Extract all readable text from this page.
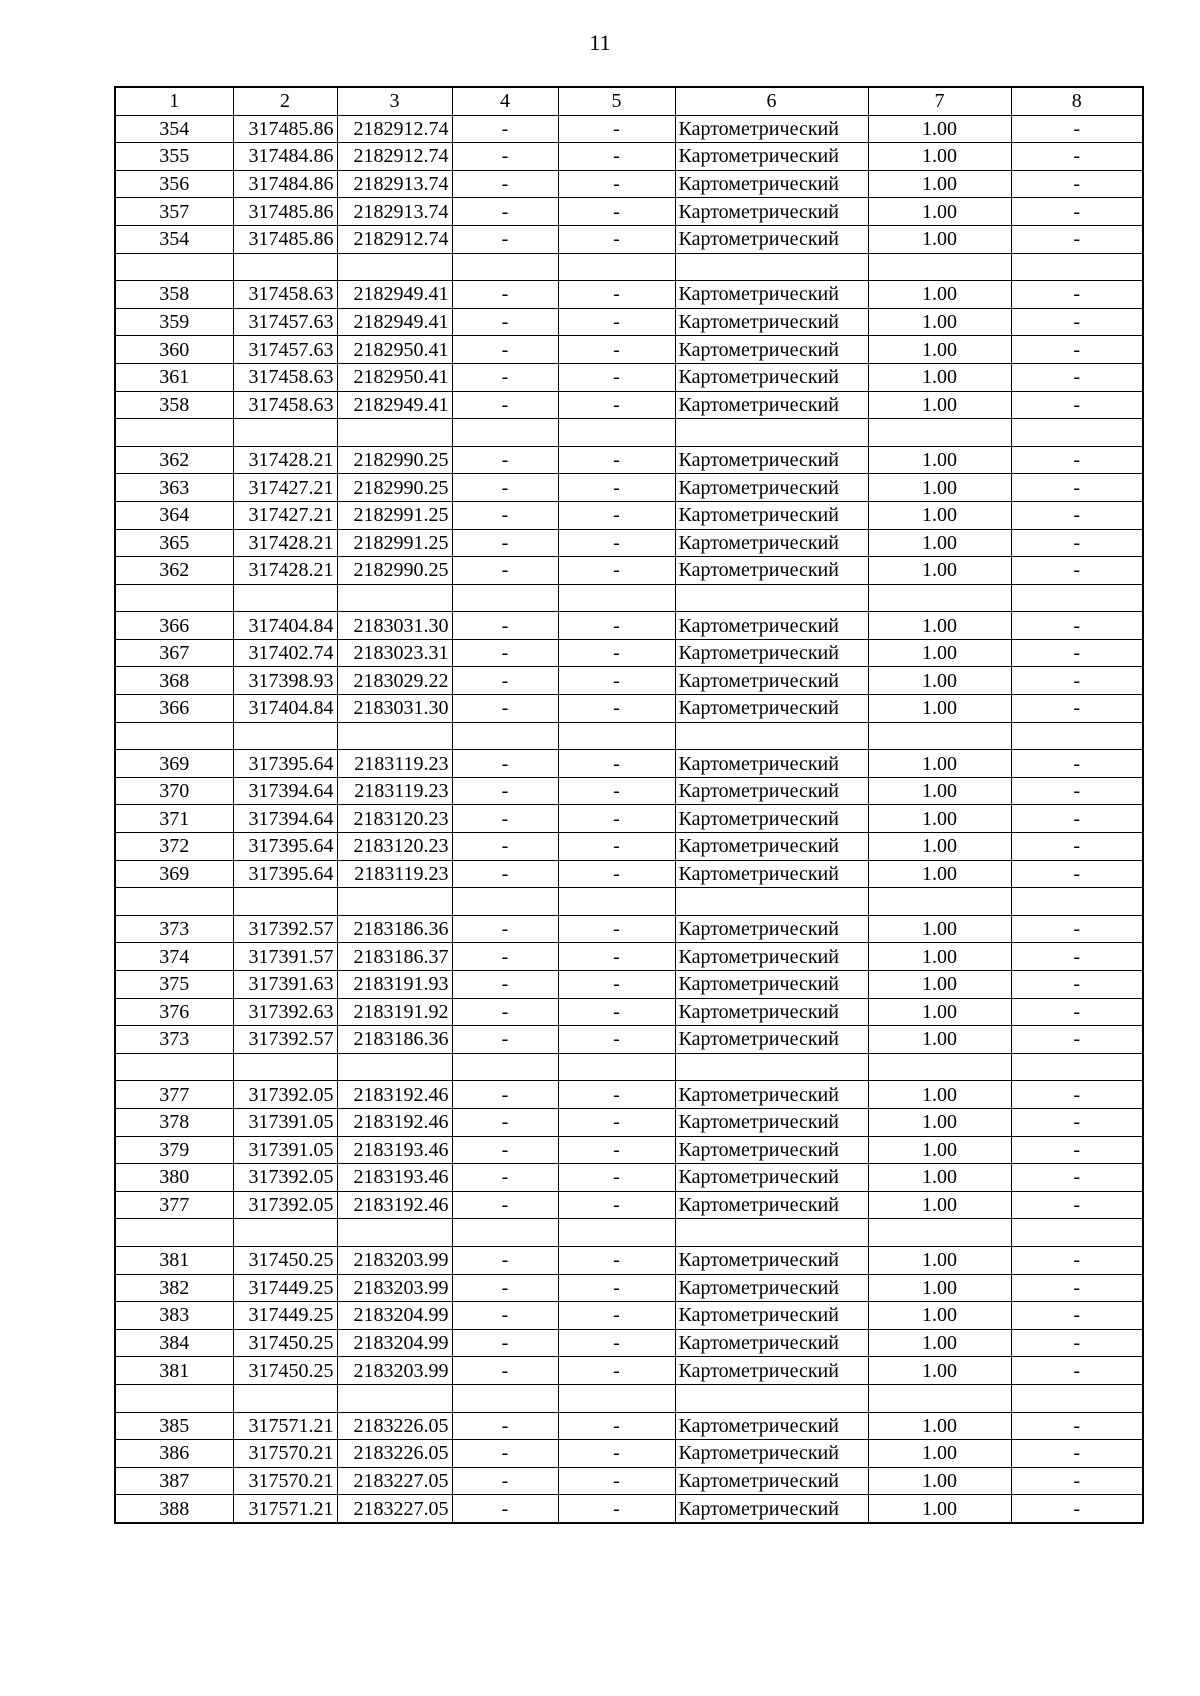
11
1	2	3	4	5	6	7	8
354	317485.86	2182912.74	-	-	Картометрический	1.00	-
355	317484.86	2182912.74	-	-	Картометрический	1.00	-
356	317484.86	2182913.74	-	-	Картометрический	1.00	-
357	317485.86	2182913.74	-	-	Картометрический	1.00	-
354	317485.86	2182912.74	-	-	Картометрический	1.00	-

358	317458.63	2182949.41	-	-	Картометрический	1.00	-
359	317457.63	2182949.41	-	-	Картометрический	1.00	-
360	317457.63	2182950.41	-	-	Картометрический	1.00	-
361	317458.63	2182950.41	-	-	Картометрический	1.00	-
358	317458.63	2182949.41	-	-	Картометрический	1.00	-

362	317428.21	2182990.25	-	-	Картометрический	1.00	-
363	317427.21	2182990.25	-	-	Картометрический	1.00	-
364	317427.21	2182991.25	-	-	Картометрический	1.00	-
365	317428.21	2182991.25	-	-	Картометрический	1.00	-
362	317428.21	2182990.25	-	-	Картометрический	1.00	-

366	317404.84	2183031.30	-	-	Картометрический	1.00	-
367	317402.74	2183023.31	-	-	Картометрический	1.00	-
368	317398.93	2183029.22	-	-	Картометрический	1.00	-
366	317404.84	2183031.30	-	-	Картометрический	1.00	-

369	317395.64	2183119.23	-	-	Картометрический	1.00	-
370	317394.64	2183119.23	-	-	Картометрический	1.00	-
371	317394.64	2183120.23	-	-	Картометрический	1.00	-
372	317395.64	2183120.23	-	-	Картометрический	1.00	-
369	317395.64	2183119.23	-	-	Картометрический	1.00	-

373	317392.57	2183186.36	-	-	Картометрический	1.00	-
374	317391.57	2183186.37	-	-	Картометрический	1.00	-
375	317391.63	2183191.93	-	-	Картометрический	1.00	-
376	317392.63	2183191.92	-	-	Картометрический	1.00	-
373	317392.57	2183186.36	-	-	Картометрический	1.00	-

377	317392.05	2183192.46	-	-	Картометрический	1.00	-
378	317391.05	2183192.46	-	-	Картометрический	1.00	-
379	317391.05	2183193.46	-	-	Картометрический	1.00	-
380	317392.05	2183193.46	-	-	Картометрический	1.00	-
377	317392.05	2183192.46	-	-	Картометрический	1.00	-

381	317450.25	2183203.99	-	-	Картометрический	1.00	-
382	317449.25	2183203.99	-	-	Картометрический	1.00	-
383	317449.25	2183204.99	-	-	Картометрический	1.00	-
384	317450.25	2183204.99	-	-	Картометрический	1.00	-
381	317450.25	2183203.99	-	-	Картометрический	1.00	-

385	317571.21	2183226.05	-	-	Картометрический	1.00	-
386	317570.21	2183226.05	-	-	Картометрический	1.00	-
387	317570.21	2183227.05	-	-	Картометрический	1.00	-
388	317571.21	2183227.05	-	-	Картометрический	1.00	-
